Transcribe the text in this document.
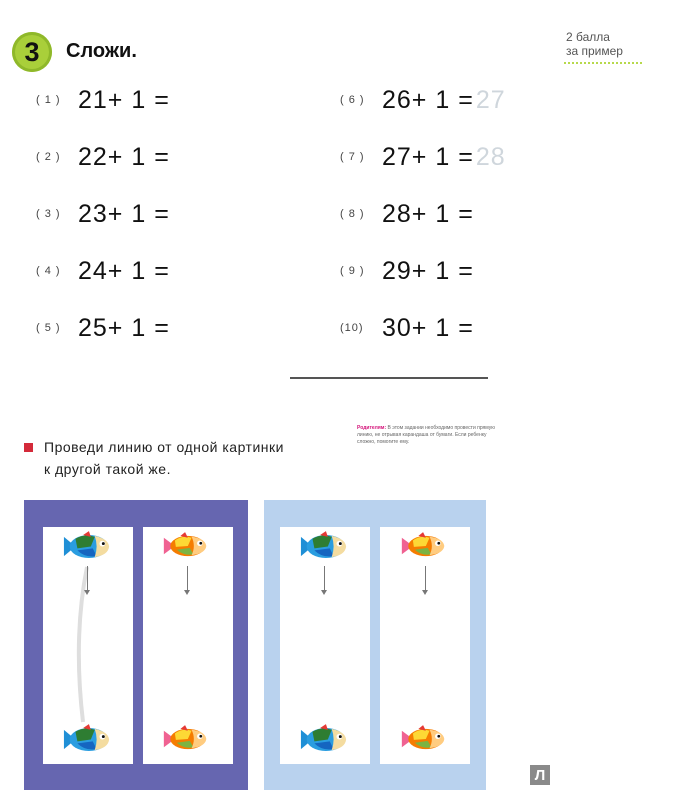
3	Сложи.
2 балла
за пример
( 1 ) 21+ 1 =
( 2 ) 22+ 1 =
( 3 ) 23+ 1 =
( 4 ) 24+ 1 =
( 5 ) 25+ 1 =
( 6 ) 26+ 1 = 27
( 7 ) 27+ 1 = 28
( 8 ) 28+ 1 =
( 9 ) 29+ 1 =
(10) 30+ 1 =
Проведи линию от одной картинки
к другой такой же.
Родителям: В этом задании необходимо провести прямую линию, не отрывая карандаша от бумаги. Если ребенку сложно, помогите ему.
Л
